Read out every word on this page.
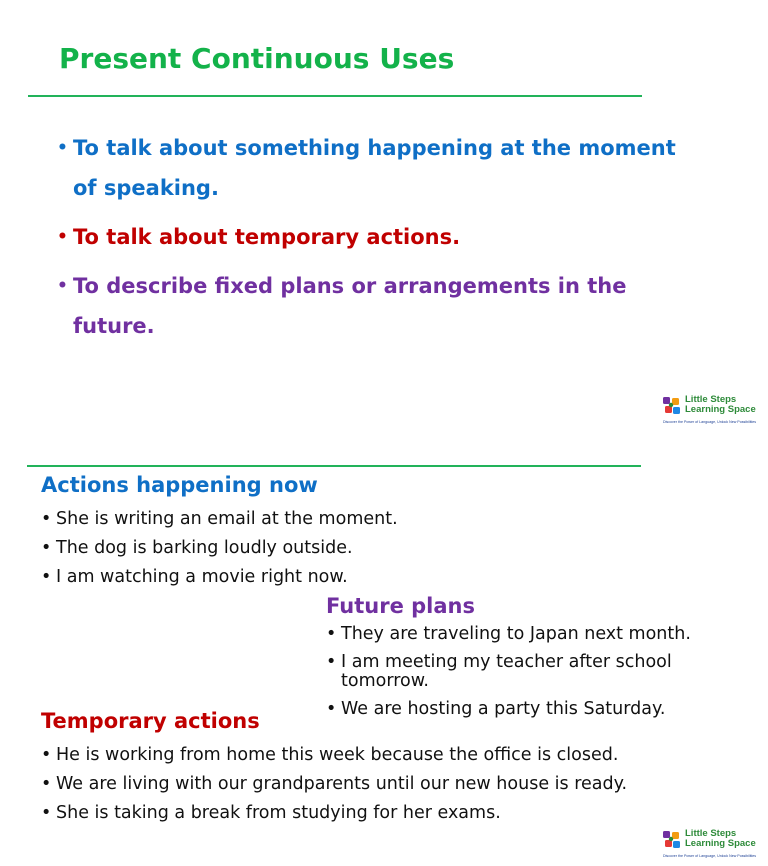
Present Continuous Uses
• To talk about something happening at the moment of speaking.
• To talk about temporary actions.
• To describe fixed plans or arrangements in the future.
Little Steps
Learning Space
Discover the Power of Language, Unlock New Possibilities
Actions happening now
• She is writing an email at the moment.
• The dog is barking loudly outside.
• I am watching a movie right now.
Future plans
• They are traveling to Japan next month.
• I am meeting my teacher after school tomorrow.
• We are hosting a party this Saturday.
Temporary actions
• He is working from home this week because the office is closed.
• We are living with our grandparents until our new house is ready.
• She is taking a break from studying for her exams.
Little Steps
Learning Space
Discover the Power of Language, Unlock New Possibilities
